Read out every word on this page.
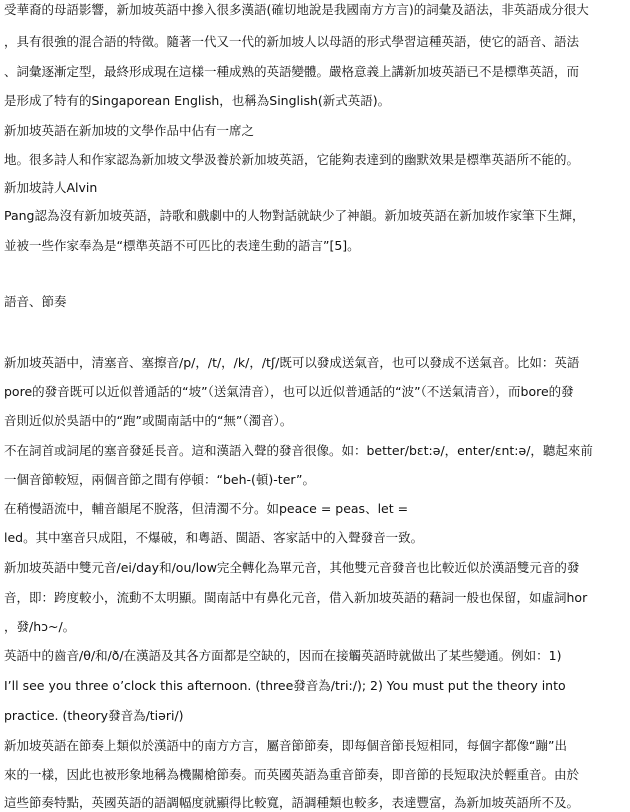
受華裔的母語影響，新加坡英語中摻入很多漢語(確切地說是我國南方方言)的詞彙及語法，非英語成分很大
，具有很強的混合語的特徵。隨著一代又一代的新加坡人以母語的形式學習這種英語，使它的語音、語法
、詞彙逐漸定型，最終形成現在這樣一種成熟的英語變體。嚴格意義上講新加坡英語已不是標準英語，而
是形成了特有的Singaporean English，也稱為Singlish(新式英語)。
新加坡英語在新加坡的文學作品中佔有一席之
地。很多詩人和作家認為新加坡文學汲養於新加坡英語，它能夠表達到的幽默效果是標準英語所不能的。
新加坡詩人Alvin
Pang認為沒有新加坡英語，詩歌和戲劇中的人物對話就缺少了神韻。新加坡英語在新加坡作家筆下生輝，
並被一些作家奉為是“標準英語不可匹比的表達生動的語言”[5]。
語音、節奏
新加坡英語中，清塞音、塞擦音/p/，/t/，/k/，/tʃ/既可以發成送氣音，也可以發成不送氣音。比如：英語
pore的發音既可以近似普通話的“坡”（送氣清音），也可以近似普通話的“波”（不送氣清音），而bore的發
音則近似於吳語中的“跑”或閩南話中的“無”（濁音）。
不在詞首或詞尾的塞音發延長音。這和漢語入聲的發音很像。如：better/bɛt:ə/，enter/ɛnt:ə/，聽起來前
一個音節較短，兩個音節之間有停頓：“beh-(頓)-ter”。
在稍慢語流中，輔音韻尾不脫落，但清濁不分。如peace = peas、let =
led。其中塞音只成阻，不爆破，和粵語、閩語、客家話中的入聲發音一致。
新加坡英語中雙元音/ei/day和/ou/low完全轉化為單元音，其他雙元音發音也比較近似於漢語雙元音的發
音，即：跨度較小，流動不太明顯。閩南話中有鼻化元音，借入新加坡英語的藉詞一般也保留，如虛詞hor
，發/hɔ~/。
英語中的齒音/θ/和/ð/在漢語及其各方面都是空缺的，因而在接觸英語時就做出了某些變通。例如：1)
I’ll see you three o’clock this afternoon. (three發音為/tri:/); 2) You must put the theory into
practice. (theory發音為/tiəri/)
新加坡英語在節奏上類似於漢語中的南方方言，屬音節節奏，即每個音節長短相同，每個字都像“蹦”出
來的一樣，因此也被形象地稱為機關槍節奏。而英國英語為重音節奏，即音節的長短取決於輕重音。由於
這些節奏特點，英國英語的語調幅度就顯得比較寬，語調種類也較多，表達豐富，為新加坡英語所不及。
